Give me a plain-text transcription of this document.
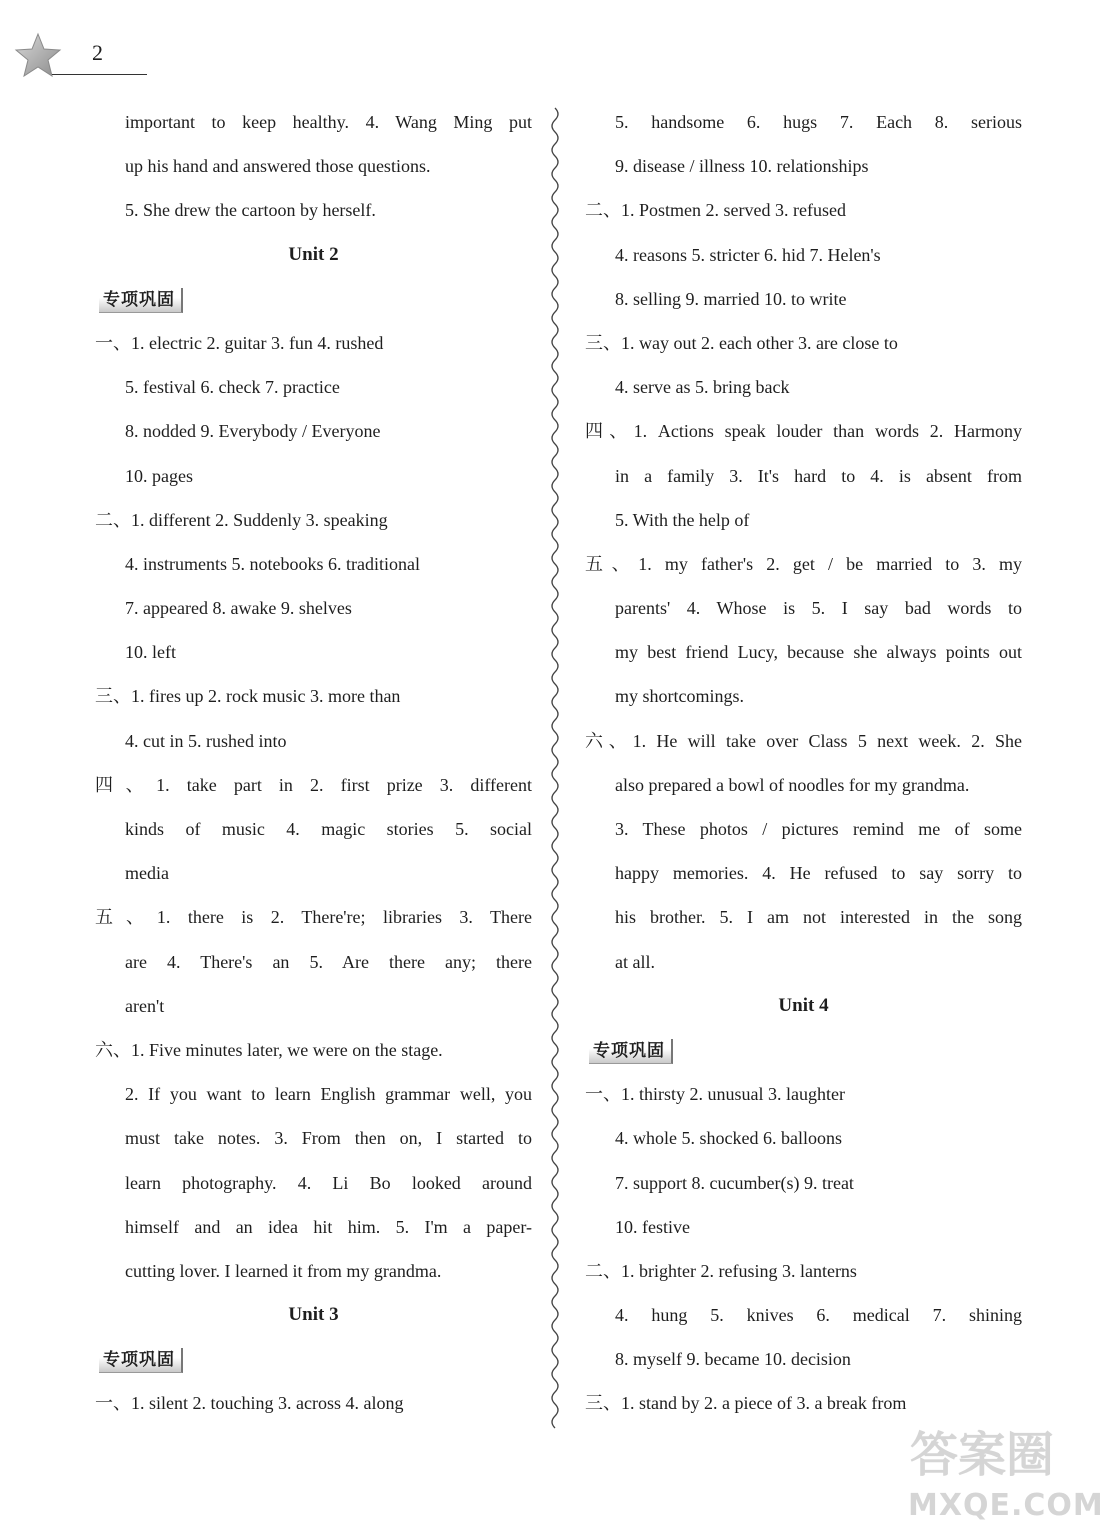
2
important to keep healthy. 4. Wang Ming put
up his hand and answered those questions.
5. She drew the cartoon by herself.
Unit 2
专项巩固
一、1. electric 2. guitar 3. fun 4. rushed
5. festival 6. check 7. practice
8. nodded 9. Everybody / Everyone
10. pages
二、1. different 2. Suddenly 3. speaking
4. instruments 5. notebooks 6. traditional
7. appeared 8. awake 9. shelves
10. left
三、1. fires up 2. rock music 3. more than
4. cut in 5. rushed into
四、1. take part in 2. first prize 3. different
kinds of music 4. magic stories 5. social
media
五、1. there is 2. There're; libraries 3. There
are 4. There's an 5. Are there any; there
aren't
六、1. Five minutes later, we were on the stage.
2. If you want to learn English grammar well, you
must take notes. 3. From then on, I started to
learn photography. 4. Li Bo looked around
himself and an idea hit him. 5. I'm a paper-
cutting lover. I learned it from my grandma.
Unit 3
专项巩固
一、1. silent 2. touching 3. across 4. along
5. handsome 6. hugs 7. Each 8. serious
9. disease / illness 10. relationships
二、1. Postmen 2. served 3. refused
4. reasons 5. stricter 6. hid 7. Helen's
8. selling 9. married 10. to write
三、1. way out 2. each other 3. are close to
4. serve as 5. bring back
四、1. Actions speak louder than words 2. Harmony
in a family 3. It's hard to 4. is absent from
5. With the help of
五、1. my father's 2. get / be married to 3. my
parents' 4. Whose is 5. I say bad words to
my best friend Lucy, because she always points out
my shortcomings.
六、1. He will take over Class 5 next week. 2. She
also prepared a bowl of noodles for my grandma.
3. These photos / pictures remind me of some
happy memories. 4. He refused to say sorry to
his brother. 5. I am not interested in the song
at all.
Unit 4
专项巩固
一、1. thirsty 2. unusual 3. laughter
4. whole 5. shocked 6. balloons
7. support 8. cucumber(s) 9. treat
10. festive
二、1. brighter 2. refusing 3. lanterns
4. hung 5. knives 6. medical 7. shining
8. myself 9. became 10. decision
三、1. stand by 2. a piece of 3. a break from
答案圈
MXQE.COM
